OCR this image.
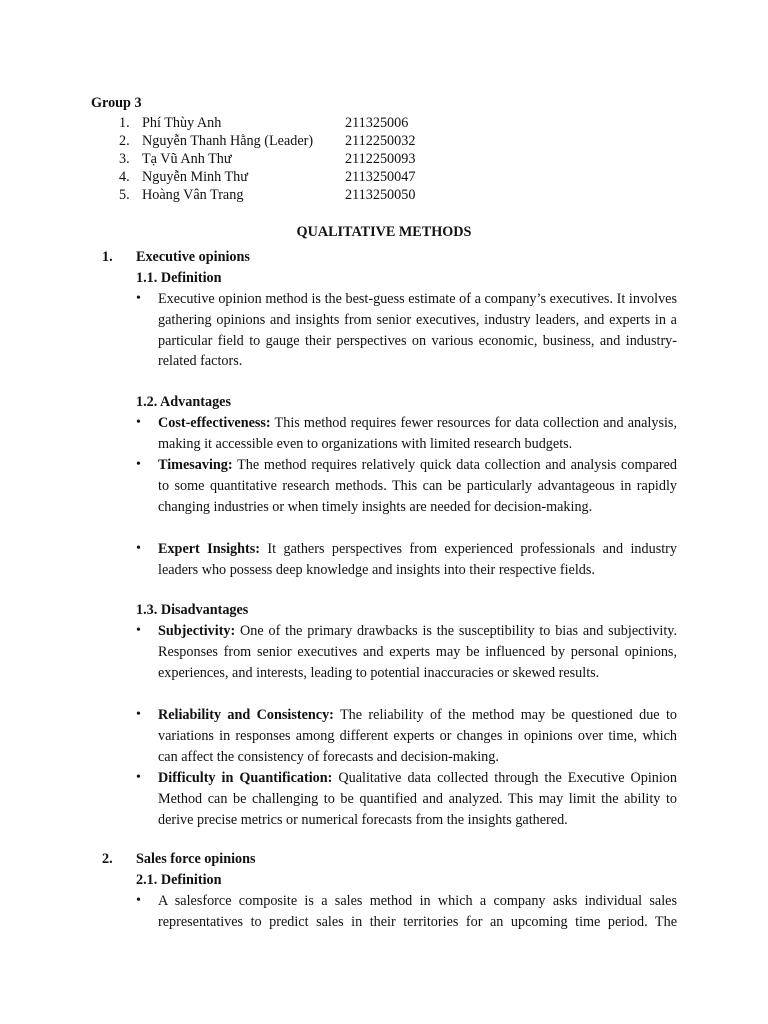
Group 3
1. Phí Thùy Anh	211325006
2. Nguyễn Thanh Hằng (Leader) 2112250032
3. Tạ Vũ Anh Thư	2112250093
4. Nguyễn Minh Thư	2113250047
5. Hoàng Vân Trang	2113250050
QUALITATIVE METHODS
1. Executive opinions
1.1. Definition
• Executive opinion method is the best-guess estimate of a company’s executives. It involves gathering opinions and insights from senior executives, industry leaders, and experts in a particular field to gauge their perspectives on various economic, business, and industry-related factors.
1.2. Advantages
• Cost-effectiveness: This method requires fewer resources for data collection and analysis, making it accessible even to organizations with limited research budgets.
• Timesaving: The method requires relatively quick data collection and analysis compared to some quantitative research methods. This can be particularly advantageous in rapidly changing industries or when timely insights are needed for decision-making.
• Expert Insights: It gathers perspectives from experienced professionals and industry leaders who possess deep knowledge and insights into their respective fields.
1.3. Disadvantages
• Subjectivity: One of the primary drawbacks is the susceptibility to bias and subjectivity. Responses from senior executives and experts may be influenced by personal opinions, experiences, and interests, leading to potential inaccuracies or skewed results.
• Reliability and Consistency: The reliability of the method may be questioned due to variations in responses among different experts or changes in opinions over time, which can affect the consistency of forecasts and decision-making.
• Difficulty in Quantification: Qualitative data collected through the Executive Opinion Method can be challenging to be quantified and analyzed. This may limit the ability to derive precise metrics or numerical forecasts from the insights gathered.
2. Sales force opinions
2.1. Definition
• A salesforce composite is a sales method in which a company asks individual sales representatives to predict sales in their territories for an upcoming time period. The
